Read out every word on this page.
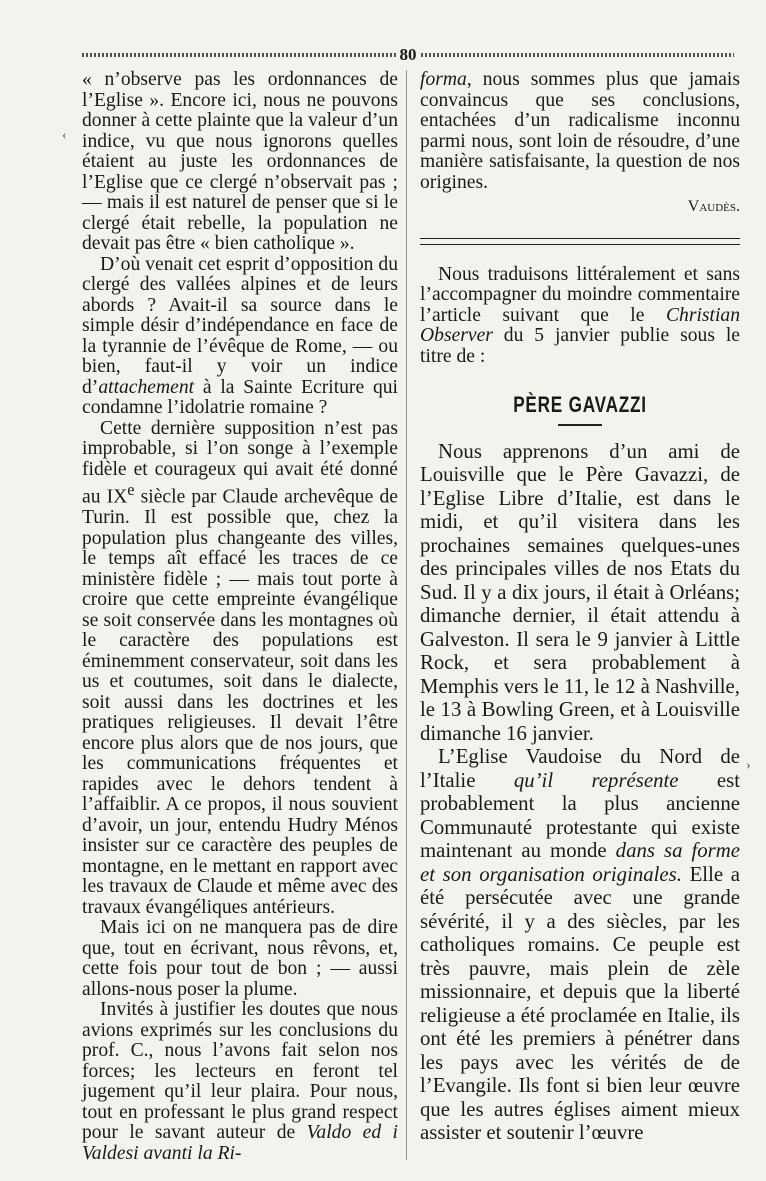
80
‹
›

« n’observe pas les ordonnances de l’Eglise ». Encore ici, nous ne pouvons donner à cette plainte que la valeur d’un indice, vu que nous ignorons quelles étaient au juste les ordonnances de l’Eglise que ce clergé n’observait pas ; — mais il est naturel de penser que si le clergé était rebelle, la population ne devait pas être « bien catholique ».

D’où venait cet esprit d’opposition du clergé des vallées alpines et de leurs abords ? Avait-il sa source dans le simple désir d’indépendance en face de la tyrannie de l’évêque de Rome, — ou bien, faut-il y voir un indice d’attachement à la Sainte Ecriture qui condamne l’idolatrie romaine ?

Cette dernière supposition n’est pas improbable, si l’on songe à l’exemple fidèle et courageux qui avait été donné au IXe siècle par Claude archevêque de Turin. Il est possible que, chez la population plus changeante des villes, le temps aît effacé les traces de ce ministère fidèle ; — mais tout porte à croire que cette empreinte évangélique se soit conservée dans les montagnes où le caractère des populations est éminemment conservateur, soit dans les us et coutumes, soit dans le dialecte, soit aussi dans les doctrines et les pratiques religieuses. Il devait l’être encore plus alors que de nos jours, que les communications fréquentes et rapides avec le dehors tendent à l’affaiblir. A ce propos, il nous souvient d’avoir, un jour, entendu Hudry Ménos insister sur ce caractère des peuples de montagne, en le mettant en rapport avec les travaux de Claude et même avec des travaux évangéliques antérieurs.

Mais ici on ne manquera pas de dire que, tout en écrivant, nous rêvons, et, cette fois pour tout de bon ; — aussi allons-nous poser la plume.

Invités à justifier les doutes que nous avions exprimés sur les conclusions du prof. C., nous l’avons fait selon nos forces; les lecteurs en feront tel jugement qu’il leur plaira. Pour nous, tout en professant le plus grand respect pour le savant auteur de Valdo ed i Valdesi avanti la Ri-

forma, nous sommes plus que jamais convaincus que ses conclusions, entachées d’un radicalisme inconnu parmi nous, sont loin de résoudre, d’une manière satisfaisante, la question de nos origines.

Vaudès.

Nous traduisons littéralement et sans l’accompagner du moindre commentaire l’article suivant que le Christian Observer du 5 janvier publie sous le titre de :

PÈRE GAVAZZI

Nous apprenons d’un ami de Louisville que le Père Gavazzi, de l’Eglise Libre d’Italie, est dans le midi, et qu’il visitera dans les prochaines semaines quelques-unes des principales villes de nos Etats du Sud. Il y a dix jours, il était à Orléans; dimanche dernier, il était attendu à Galveston. Il sera le 9 janvier à Little Rock, et sera probablement à Memphis vers le 11, le 12 à Nashville, le 13 à Bowling Green, et à Louisville dimanche 16 janvier.

L’Eglise Vaudoise du Nord de l’Italie qu’il représente est probablement la plus ancienne Communauté protestante qui existe maintenant au monde dans sa forme et son organisation originales. Elle a été persécutée avec une grande sévérité, il y a des siècles, par les catholiques romains. Ce peuple est très pauvre, mais plein de zèle missionnaire, et depuis que la liberté religieuse a été proclamée en Italie, ils ont été les premiers à pénétrer dans les pays avec les vérités de de l’Evangile. Ils font si bien leur œuvre que les autres églises aiment mieux assister et soutenir l’œuvre
